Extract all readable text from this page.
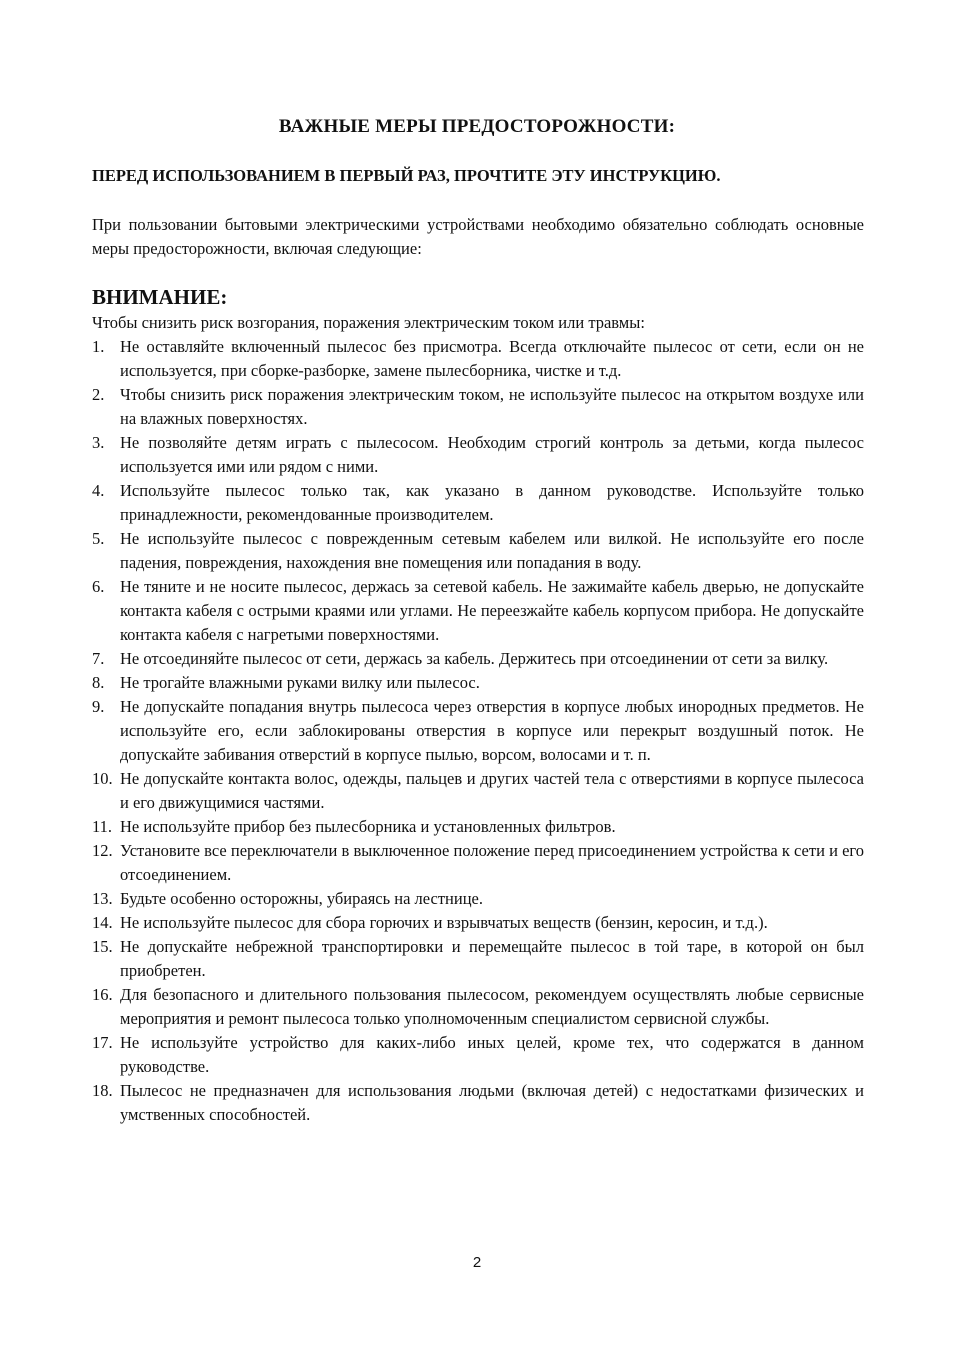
ВАЖНЫЕ МЕРЫ ПРЕДОСТОРОЖНОСТИ:
ПЕРЕД ИСПОЛЬЗОВАНИЕМ В ПЕРВЫЙ РАЗ, ПРОЧТИТЕ ЭТУ ИНСТРУКЦИЮ.
При пользовании бытовыми электрическими устройствами необходимо обязательно соблюдать основные меры предосторожности, включая следующие:
ВНИМАНИЕ:
Чтобы снизить риск возгорания, поражения электрическим током или травмы:
1. Не оставляйте включенный пылесос без присмотра. Всегда отключайте пылесос от сети, если он не используется, при сборке-разборке, замене пылесборника, чистке и т.д.
2. Чтобы снизить риск поражения электрическим током, не используйте пылесос на открытом воздухе или на влажных поверхностях.
3. Не позволяйте детям играть с пылесосом. Необходим строгий контроль за детьми, когда пылесос используется ими или рядом с ними.
4. Используйте пылесос только так, как указано в данном руководстве. Используйте только принадлежности, рекомендованные производителем.
5. Не используйте пылесос с поврежденным сетевым кабелем или вилкой. Не используйте его после падения, повреждения, нахождения вне помещения или попадания в воду.
6. Не тяните и не носите пылесос, держась за сетевой кабель. Не зажимайте кабель дверью, не допускайте контакта кабеля с острыми краями или углами. Не переезжайте кабель корпусом прибора. Не допускайте контакта кабеля с нагретыми поверхностями.
7. Не отсоединяйте пылесос от сети, держась за кабель. Держитесь при отсоединении от сети за вилку.
8. Не трогайте влажными руками вилку или пылесос.
9. Не допускайте попадания внутрь пылесоса через отверстия в корпусе любых инородных предметов. Не используйте его, если заблокированы отверстия в корпусе или перекрыт воздушный поток. Не допускайте забивания отверстий в корпусе пылью, ворсом, волосами и т. п.
10. Не допускайте контакта волос, одежды, пальцев и других частей тела с отверстиями в корпусе пылесоса и его движущимися частями.
11. Не используйте прибор без пылесборника и установленных фильтров.
12. Установите все переключатели в выключенное положение перед присоединением устройства к сети и его отсоединением.
13. Будьте особенно осторожны, убираясь на лестнице.
14. Не используйте пылесос для сбора горючих и взрывчатых веществ (бензин, керосин, и т.д.).
15. Не допускайте небрежной транспортировки и перемещайте пылесос в той таре, в которой он был приобретен.
16. Для безопасного и длительного пользования пылесосом, рекомендуем осуществлять любые сервисные мероприятия и ремонт пылесоса только уполномоченным специалистом сервисной службы.
17. Не используйте устройство для каких-либо иных целей, кроме тех, что содержатся в данном руководстве.
18. Пылесос не предназначен для использования людьми (включая детей) с недостатками физических и умственных способностей.
2
